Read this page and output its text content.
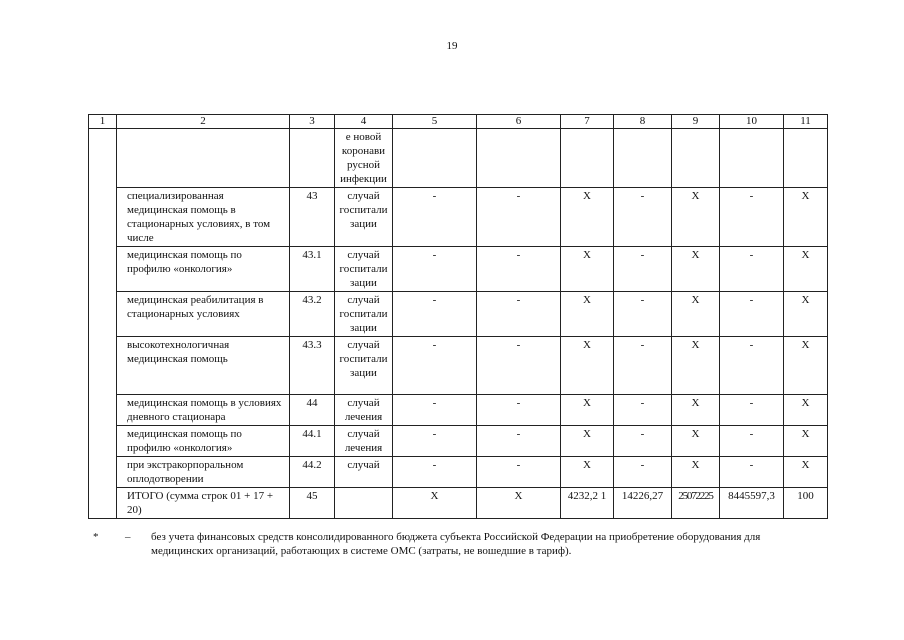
19
1	2	3	4	5	6	7	8	9	10	11
			е новой коронави русной инфекции							
	специализированная медицинская помощь в стационарных условиях, в том числе	43	случай госпитали зации	-	-	X	-	X	-	X
	медицинская помощь по профилю «онкология»	43.1	случай госпитали зации	-	-	X	-	X	-	X
	медицинская реабилитация в стационарных условиях	43.2	случай госпитали зации	-	-	X	-	X	-	X
	высокотехнологичная медицинская помощь	43.3	случай госпитали зации	-	-	X	-	X	-	X
	медицинская помощь в условиях дневного стационара	44	случай лечения	-	-	X	-	X	-	X
	медицинская помощь по профилю «онкология»	44.1	случай лечения	-	-	X	-	X	-	X
	при экстракорпоральном оплодотворении	44.2	случай	-	-	X	-	X	-	X
	ИТОГО (сумма строк 01 + 17 + 20)	45		X	X	4232,2 1	14226,27	25072225	8445597,3	100
* – без учета финансовых средств консолидированного бюджета субъекта Российской Федерации на приобретение оборудования для медицинских организаций, работающих в системе ОМС (затраты, не вошедшие в тариф).
